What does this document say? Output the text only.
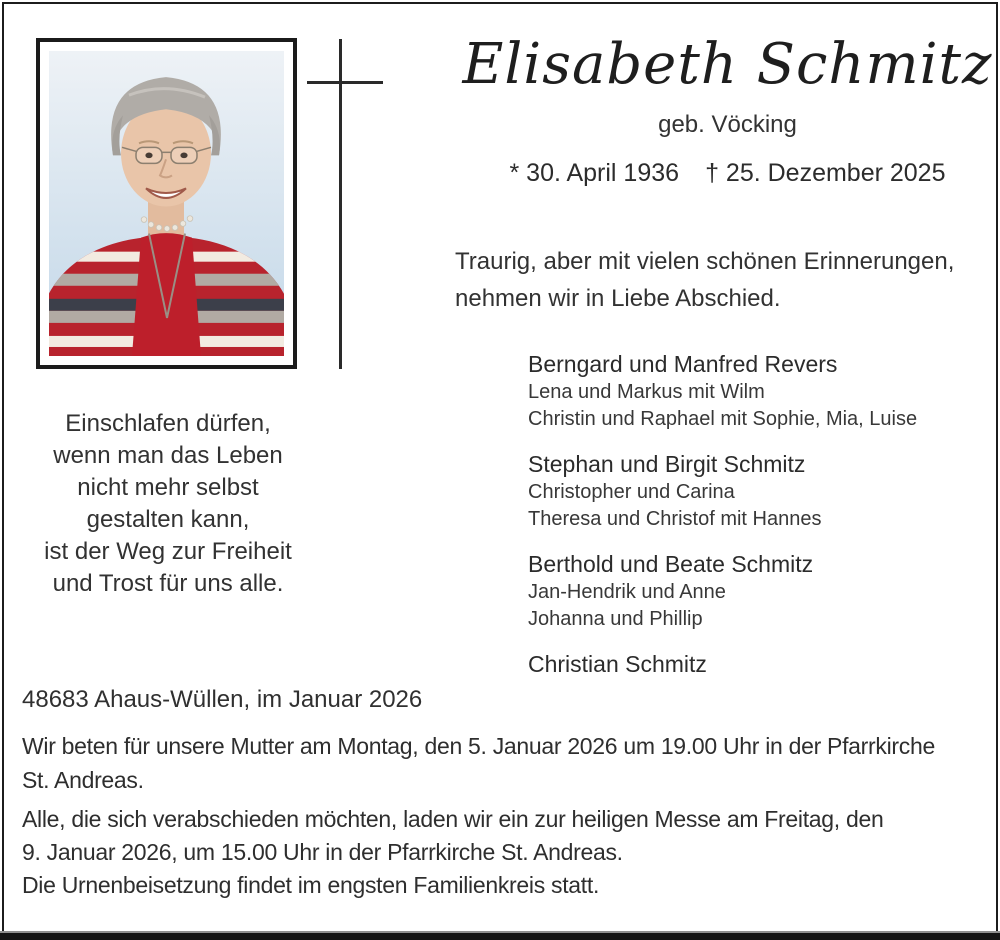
Elisabeth Schmitz
geb. Vöcking
* 30. April 1936 † 25. Dezember 2025
Traurig, aber mit vielen schönen Erinnerungen,
nehmen wir in Liebe Abschied.
Berngard und Manfred Revers
Lena und Markus mit Wilm
Christin und Raphael mit Sophie, Mia, Luise
Stephan und Birgit Schmitz
Christopher und Carina
Theresa und Christof mit Hannes
Berthold und Beate Schmitz
Jan-Hendrik und Anne
Johanna und Phillip
Christian Schmitz
Einschlafen dürfen,
wenn man das Leben
nicht mehr selbst
gestalten kann,
ist der Weg zur Freiheit
und Trost für uns alle.
48683 Ahaus-Wüllen, im Januar 2026
Wir beten für unsere Mutter am Montag, den 5. Januar 2026 um 19.00 Uhr in der Pfarrkirche
St. Andreas.
Alle, die sich verabschieden möchten, laden wir ein zur heiligen Messe am Freitag, den
9. Januar 2026, um 15.00 Uhr in der Pfarrkirche St. Andreas.
Die Urnenbeisetzung findet im engsten Familienkreis statt.
